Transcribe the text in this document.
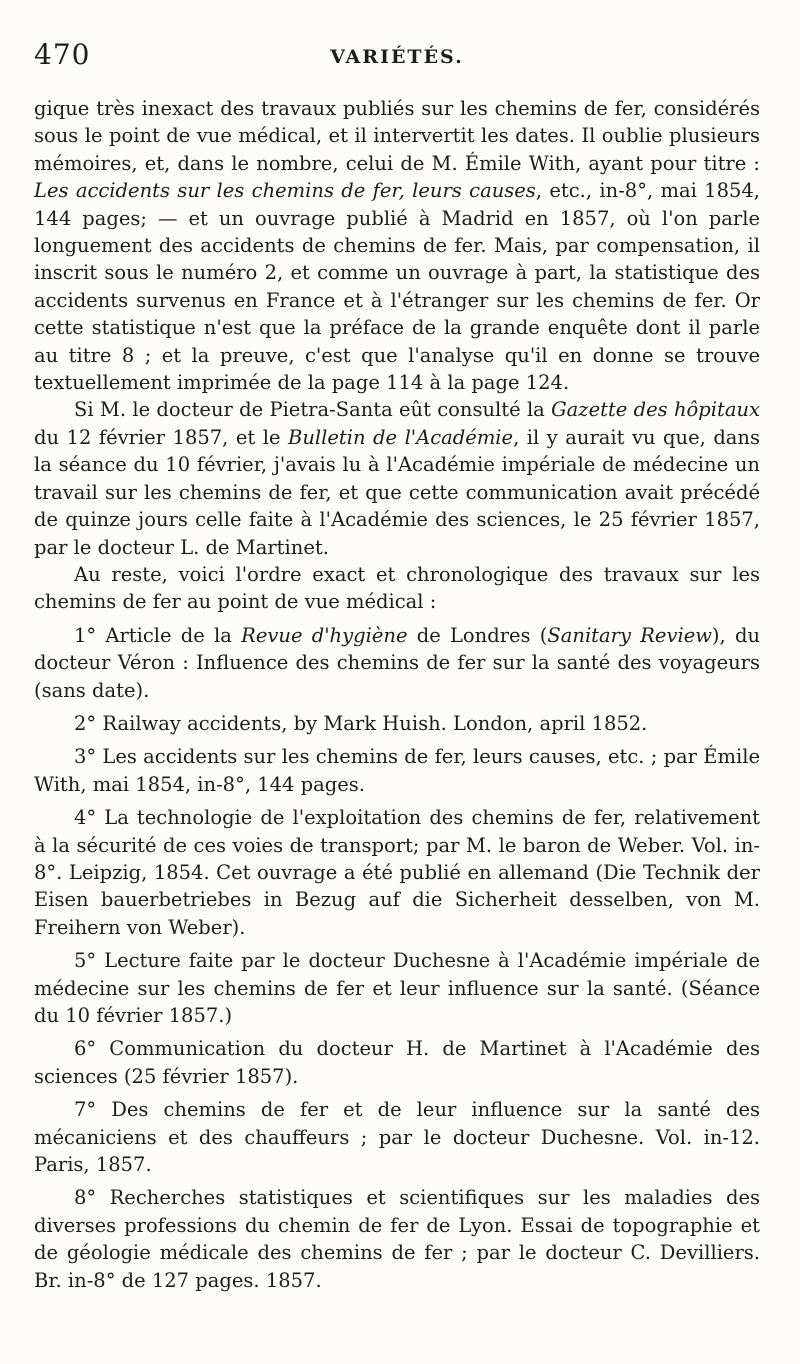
470	VARIÉTÉS.

gique très inexact des travaux publiés sur les chemins de fer, considérés sous le point de vue médical, et il intervertit les dates. Il oublie plusieurs mémoires, et, dans le nombre, celui de M. Émile With, ayant pour titre : Les accidents sur les chemins de fer, leurs causes, etc., in-8°, mai 1854, 144 pages; — et un ouvrage publié à Madrid en 1857, où l'on parle longuement des accidents de chemins de fer. Mais, par compensation, il inscrit sous le numéro 2, et comme un ouvrage à part, la statistique des accidents survenus en France et à l'étranger sur les chemins de fer. Or cette statistique n'est que la préface de la grande enquête dont il parle au titre 8 ; et la preuve, c'est que l'analyse qu'il en donne se trouve textuellement imprimée de la page 114 à la page 124.

Si M. le docteur de Pietra-Santa eût consulté la Gazette des hôpitaux du 12 février 1857, et le Bulletin de l'Académie, il y aurait vu que, dans la séance du 10 février, j'avais lu à l'Académie impériale de médecine un travail sur les chemins de fer, et que cette communication avait précédé de quinze jours celle faite à l'Académie des sciences, le 25 février 1857, par le docteur L. de Martinet.

Au reste, voici l'ordre exact et chronologique des travaux sur les chemins de fer au point de vue médical :

1° Article de la Revue d'hygiène de Londres (Sanitary Review), du docteur Véron : Influence des chemins de fer sur la santé des voyageurs (sans date).

2° Railway accidents, by Mark Huish. London, april 1852.

3° Les accidents sur les chemins de fer, leurs causes, etc. ; par Émile With, mai 1854, in-8°, 144 pages.

4° La technologie de l'exploitation des chemins de fer, relativement à la sécurité de ces voies de transport; par M. le baron de Weber. Vol. in-8°. Leipzig, 1854. Cet ouvrage a été publié en allemand (Die Technik der Eisen bauerbetriebes in Bezug auf die Sicherheit desselben, von M. Freihern von Weber).

5° Lecture faite par le docteur Duchesne à l'Académie impériale de médecine sur les chemins de fer et leur influence sur la santé. (Séance du 10 février 1857.)

6° Communication du docteur H. de Martinet à l'Académie des sciences (25 février 1857).

7° Des chemins de fer et de leur influence sur la santé des mécaniciens et des chauffeurs ; par le docteur Duchesne. Vol. in-12. Paris, 1857.

8° Recherches statistiques et scientifiques sur les maladies des diverses professions du chemin de fer de Lyon. Essai de topographie et de géologie médicale des chemins de fer ; par le docteur C. Devilliers. Br. in-8° de 127 pages. 1857.
